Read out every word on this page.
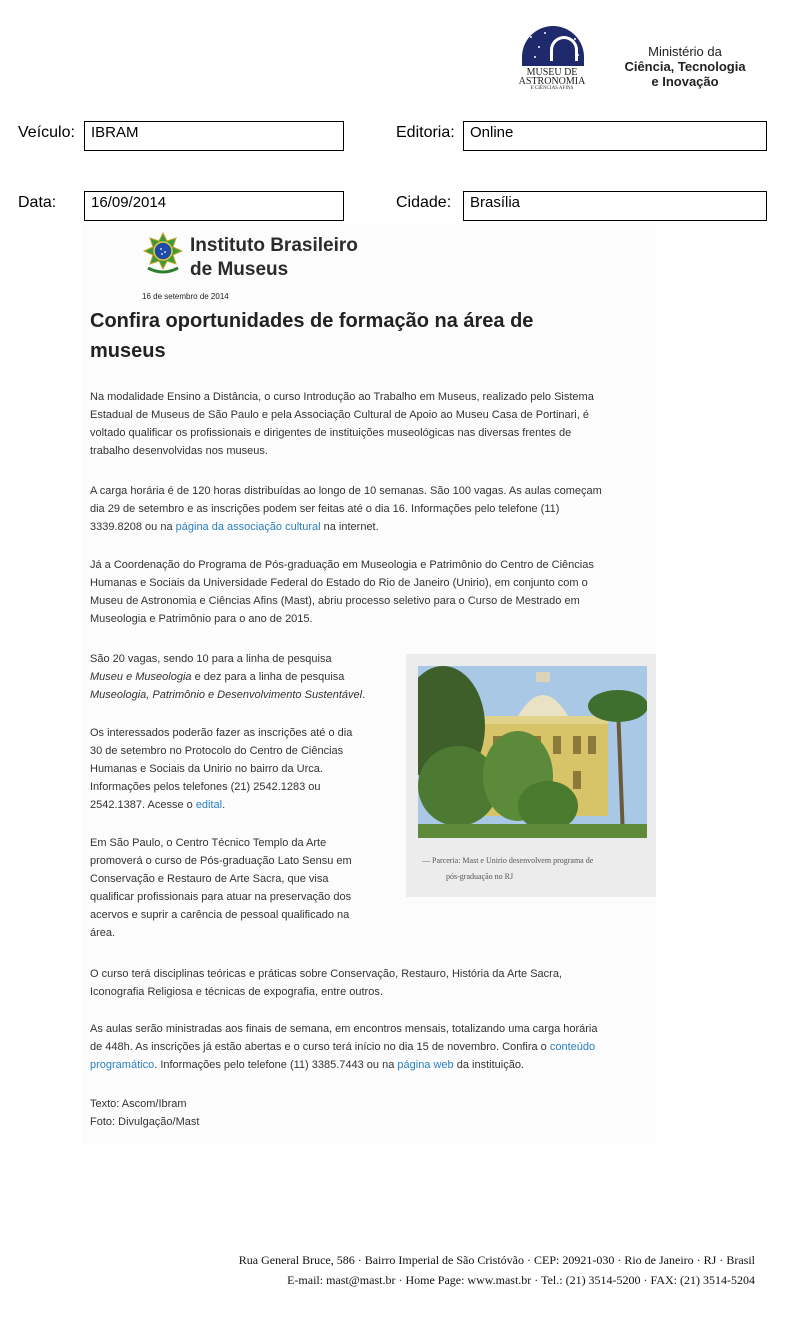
MUSEU DE
ASTRONOMIA
E CIÊNCIAS AFINS
Ministério da
Ciência, Tecnologia
e Inovação
Veículo:	IBRAM	Editoria:	Online
Data:	16/09/2014	Cidade:	Brasília
Instituto Brasileiro
de Museus
16 de setembro de 2014
Confira oportunidades de formação na área de
museus
Na modalidade Ensino a Distância, o curso Introdução ao Trabalho em Museus, realizado pelo Sistema
Estadual de Museus de São Paulo e pela Associação Cultural de Apoio ao Museu Casa de Portinari, é
voltado qualificar os profissionais e dirigentes de instituições museológicas nas diversas frentes de
trabalho desenvolvidas nos museus.
A carga horária é de 120 horas distribuídas ao longo de 10 semanas. São 100 vagas. As aulas começam
dia 29 de setembro e as inscrições podem ser feitas até o dia 16. Informações pelo telefone (11)
3339.8208 ou na página da associação cultural na internet.
Já a Coordenação do Programa de Pós-graduação em Museologia e Patrimônio do Centro de Ciências
Humanas e Sociais da Universidade Federal do Estado do Rio de Janeiro (Unirio), em conjunto com o
Museu de Astronomia e Ciências Afins (Mast), abriu processo seletivo para o Curso de Mestrado em
Museologia e Patrimônio para o ano de 2015.
São 20 vagas, sendo 10 para a linha de pesquisa
Museu e Museologia e dez para a linha de pesquisa
Museologia, Patrimônio e Desenvolvimento Sustentável.
Os interessados poderão fazer as inscrições até o dia
30 de setembro no Protocolo do Centro de Ciências
Humanas e Sociais da Unirio no bairro da Urca.
Informações pelos telefones (21) 2542.1283 ou
2542.1387. Acesse o edital.
Em São Paulo, o Centro Técnico Templo da Arte
promoverá o curso de Pós-graduação Lato Sensu em
Conservação e Restauro de Arte Sacra, que visa
qualificar profissionais para atuar na preservação dos
acervos e suprir a carência de pessoal qualificado na
área.
— Parceria: Mast e Unirio desenvolvem programa de
pós-graduação no RJ
O curso terá disciplinas teóricas e práticas sobre Conservação, Restauro, História da Arte Sacra,
Iconografia Religiosa e técnicas de expografia, entre outros.
As aulas serão ministradas aos finais de semana, em encontros mensais, totalizando uma carga horária
de 448h. As inscrições já estão abertas e o curso terá início no dia 15 de novembro. Confira o conteúdo
programático. Informações pelo telefone (11) 3385.7443 ou na página web da instituição.
Texto: Ascom/Ibram
Foto: Divulgação/Mast
Rua General Bruce, 586 · Bairro Imperial de São Cristóvão · CEP: 20921-030 · Rio de Janeiro · RJ · Brasil
E-mail: mast@mast.br · Home Page: www.mast.br · Tel.: (21) 3514-5200 · FAX: (21) 3514-5204
